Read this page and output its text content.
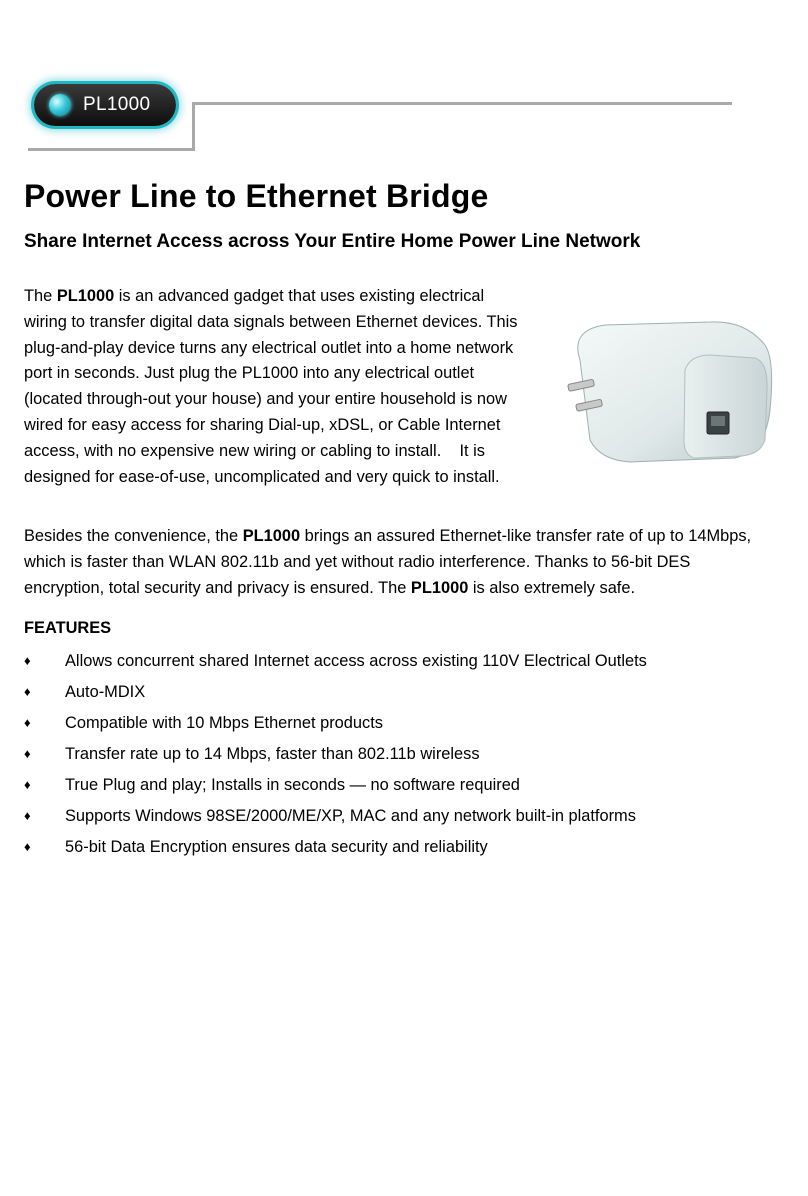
PL1000
Power Line to Ethernet Bridge
Share Internet Access across Your Entire Home Power Line Network
The PL1000 is an advanced gadget that uses existing electrical
wiring to transfer digital data signals between Ethernet devices. This
plug-and-play device turns any electrical outlet into a home network
port in seconds. Just plug the PL1000 into any electrical outlet
(located through-out your house) and your entire household is now
wired for easy access for sharing Dial-up, xDSL, or Cable Internet
access, with no expensive new wiring or cabling to install.    It is
designed for ease-of-use, uncomplicated and very quick to install.
Besides the convenience, the PL1000 brings an assured Ethernet-like transfer rate of up to 14Mbps,
which is faster than WLAN 802.11b and yet without radio interference. Thanks to 56-bit DES
encryption, total security and privacy is ensured. The PL1000 is also extremely safe.
FEATURES
♦	Allows concurrent shared Internet access across existing 110V Electrical Outlets
♦	Auto-MDIX
♦	Compatible with 10 Mbps Ethernet products
♦	Transfer rate up to 14 Mbps, faster than 802.11b wireless
♦	True Plug and play; Installs in seconds — no software required
♦	Supports Windows 98SE/2000/ME/XP, MAC and any network built-in platforms
♦	56-bit Data Encryption ensures data security and reliability
